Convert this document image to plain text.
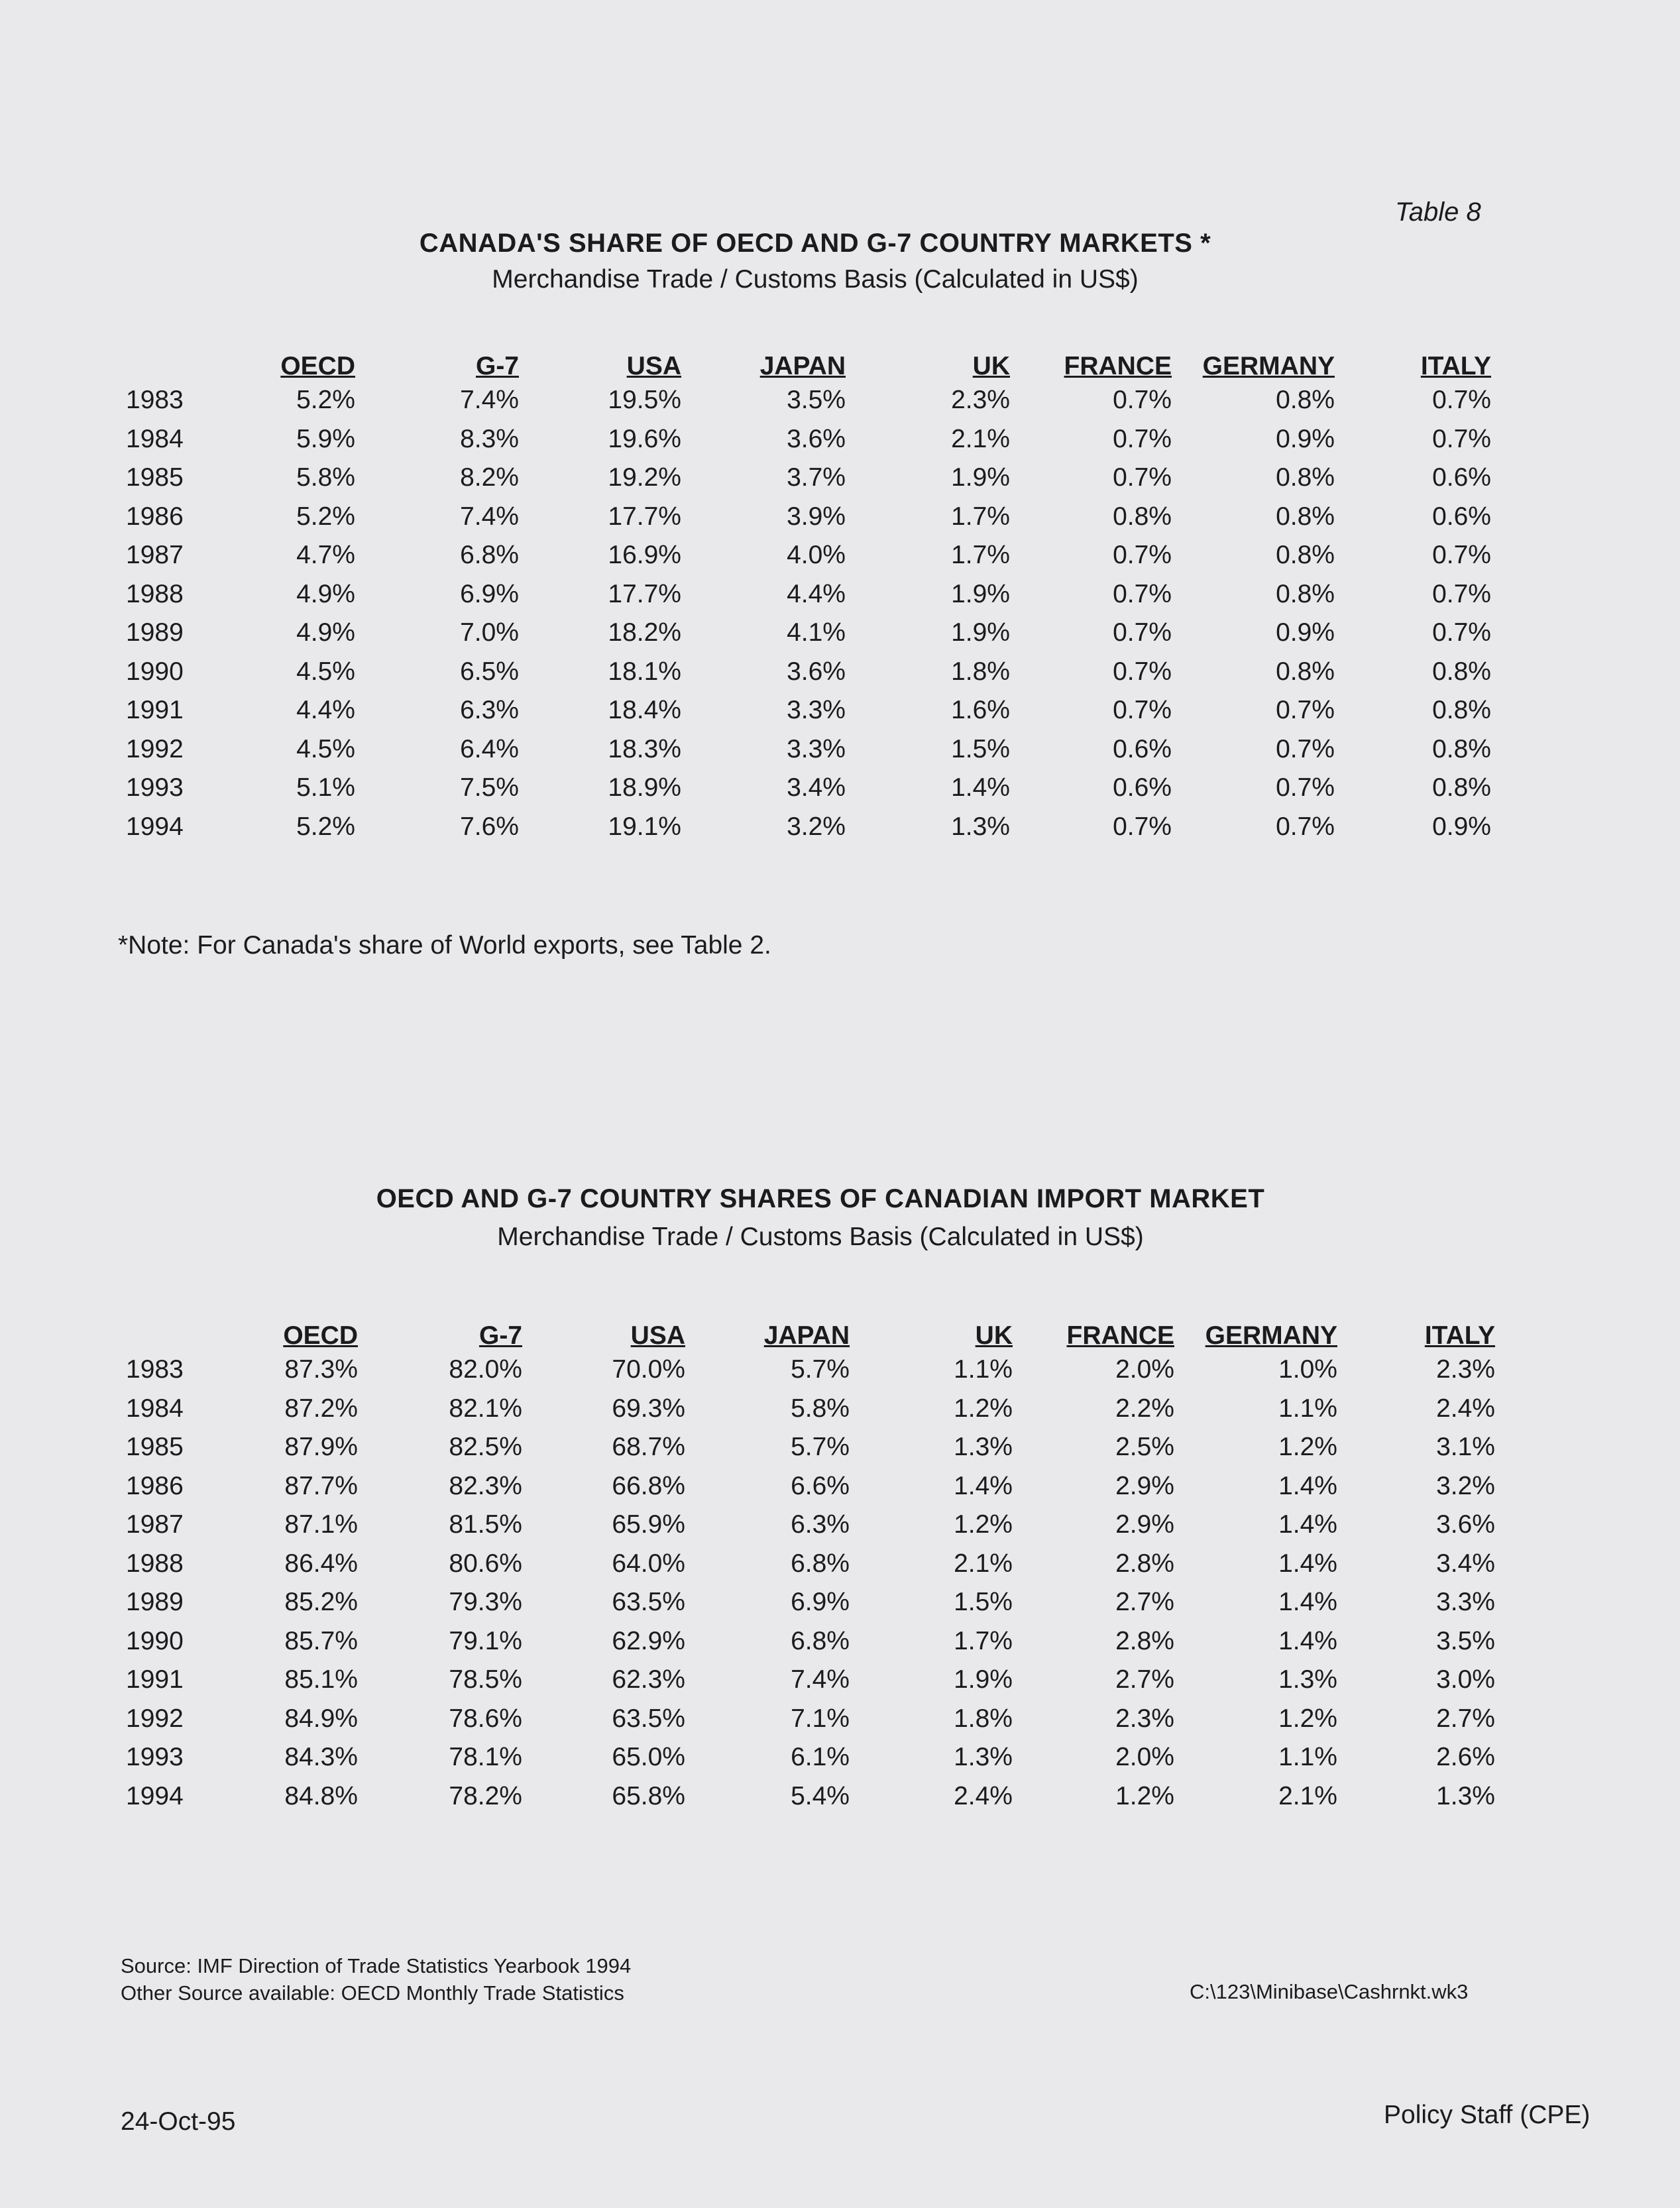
Table 8
CANADA'S SHARE OF OECD AND G-7 COUNTRY MARKETS *
Merchandise Trade / Customs Basis (Calculated in US$)
	OECD	G-7	USA	JAPAN	UK	FRANCE	GERMANY	ITALY
1983	5.2%	7.4%	19.5%	3.5%	2.3%	0.7%	0.8%	0.7%
1984	5.9%	8.3%	19.6%	3.6%	2.1%	0.7%	0.9%	0.7%
1985	5.8%	8.2%	19.2%	3.7%	1.9%	0.7%	0.8%	0.6%
1986	5.2%	7.4%	17.7%	3.9%	1.7%	0.8%	0.8%	0.6%
1987	4.7%	6.8%	16.9%	4.0%	1.7%	0.7%	0.8%	0.7%
1988	4.9%	6.9%	17.7%	4.4%	1.9%	0.7%	0.8%	0.7%
1989	4.9%	7.0%	18.2%	4.1%	1.9%	0.7%	0.9%	0.7%
1990	4.5%	6.5%	18.1%	3.6%	1.8%	0.7%	0.8%	0.8%
1991	4.4%	6.3%	18.4%	3.3%	1.6%	0.7%	0.7%	0.8%
1992	4.5%	6.4%	18.3%	3.3%	1.5%	0.6%	0.7%	0.8%
1993	5.1%	7.5%	18.9%	3.4%	1.4%	0.6%	0.7%	0.8%
1994	5.2%	7.6%	19.1%	3.2%	1.3%	0.7%	0.7%	0.9%
*Note: For Canada's share of World exports, see Table 2.
OECD AND G-7 COUNTRY SHARES OF CANADIAN IMPORT MARKET
Merchandise Trade / Customs Basis (Calculated in US$)
	OECD	G-7	USA	JAPAN	UK	FRANCE	GERMANY	ITALY
1983	87.3%	82.0%	70.0%	5.7%	1.1%	2.0%	1.0%	2.3%
1984	87.2%	82.1%	69.3%	5.8%	1.2%	2.2%	1.1%	2.4%
1985	87.9%	82.5%	68.7%	5.7%	1.3%	2.5%	1.2%	3.1%
1986	87.7%	82.3%	66.8%	6.6%	1.4%	2.9%	1.4%	3.2%
1987	87.1%	81.5%	65.9%	6.3%	1.2%	2.9%	1.4%	3.6%
1988	86.4%	80.6%	64.0%	6.8%	2.1%	2.8%	1.4%	3.4%
1989	85.2%	79.3%	63.5%	6.9%	1.5%	2.7%	1.4%	3.3%
1990	85.7%	79.1%	62.9%	6.8%	1.7%	2.8%	1.4%	3.5%
1991	85.1%	78.5%	62.3%	7.4%	1.9%	2.7%	1.3%	3.0%
1992	84.9%	78.6%	63.5%	7.1%	1.8%	2.3%	1.2%	2.7%
1993	84.3%	78.1%	65.0%	6.1%	1.3%	2.0%	1.1%	2.6%
1994	84.8%	78.2%	65.8%	5.4%	2.4%	1.2%	2.1%	1.3%
Source: IMF Direction of Trade Statistics Yearbook 1994
Other Source available: OECD Monthly Trade Statistics	C:\123\Minibase\Cashrnkt.wk3
24-Oct-95	Policy Staff (CPE)
